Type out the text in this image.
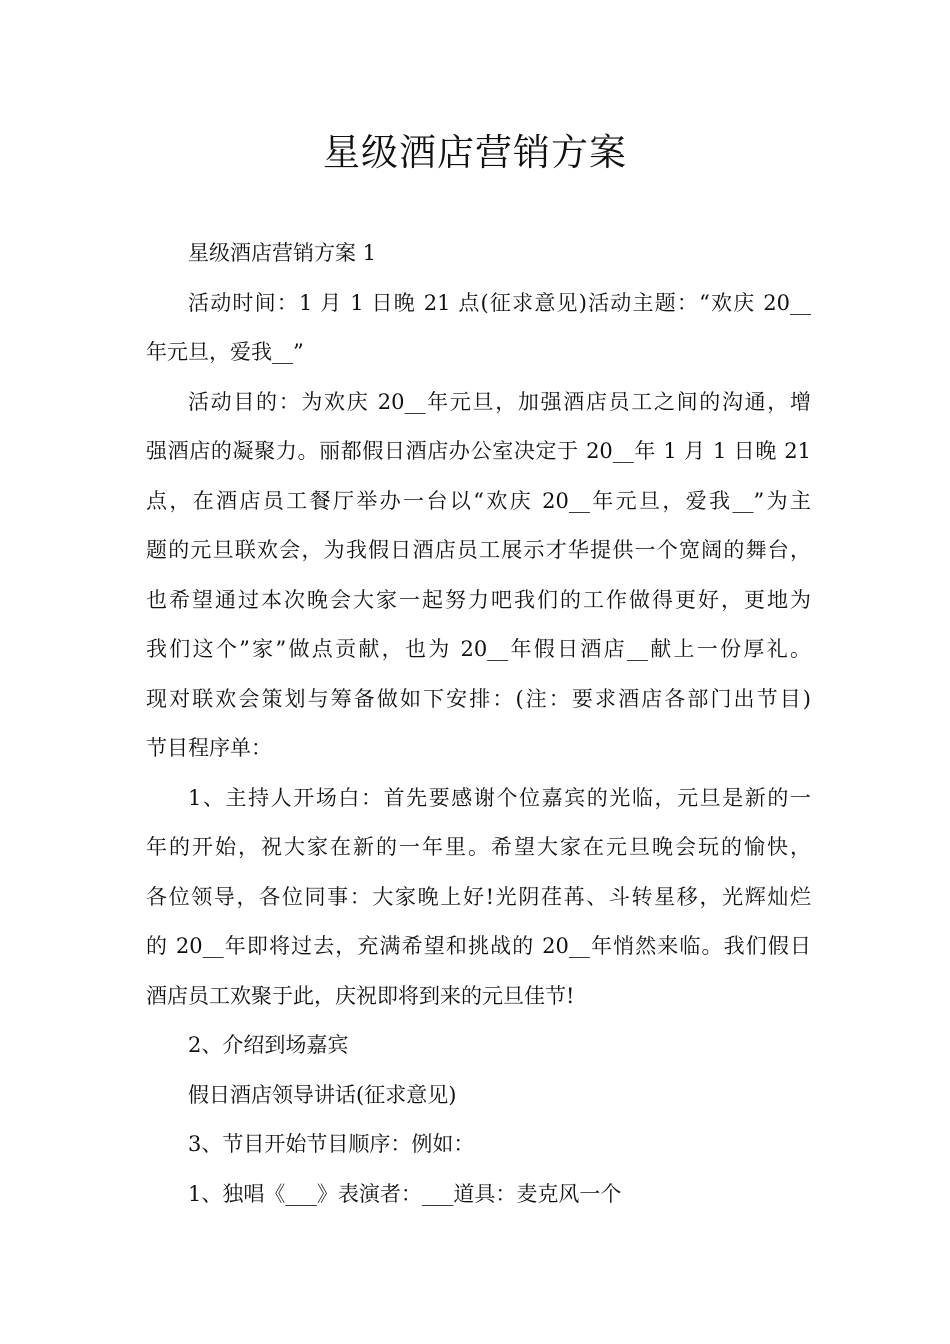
星级酒店营销方案
星级酒店营销方案 1
活动时间：1 月 1 日晚 21 点(征求意见)活动主题：“欢庆 20__
年元旦，爱我__”
活动目的：为欢庆 20__年元旦，加强酒店员工之间的沟通，增
强酒店的凝聚力。丽都假日酒店办公室决定于 20__年 1 月 1 日晚 21
点，在酒店员工餐厅举办一台以“欢庆 20__年元旦，爱我__”为主
题的元旦联欢会，为我假日酒店员工展示才华提供一个宽阔的舞台，
也希望通过本次晚会大家一起努力吧我们的工作做得更好，更地为
我们这个”家”做点贡献，也为 20__年假日酒店__献上一份厚礼。
现对联欢会策划与筹备做如下安排：(注：要求酒店各部门出节目)
节目程序单：
1、主持人开场白：首先要感谢个位嘉宾的光临，元旦是新的一
年的开始，祝大家在新的一年里。希望大家在元旦晚会玩的愉快，
各位领导，各位同事：大家晚上好!光阴荏苒、斗转星移，光辉灿烂
的 20__年即将过去，充满希望和挑战的 20__年悄然来临。我们假日
酒店员工欢聚于此，庆祝即将到来的元旦佳节!
2、介绍到场嘉宾
假日酒店领导讲话(征求意见)
3、节目开始节目顺序：例如：
1、独唱《___》表演者：___道具：麦克风一个
